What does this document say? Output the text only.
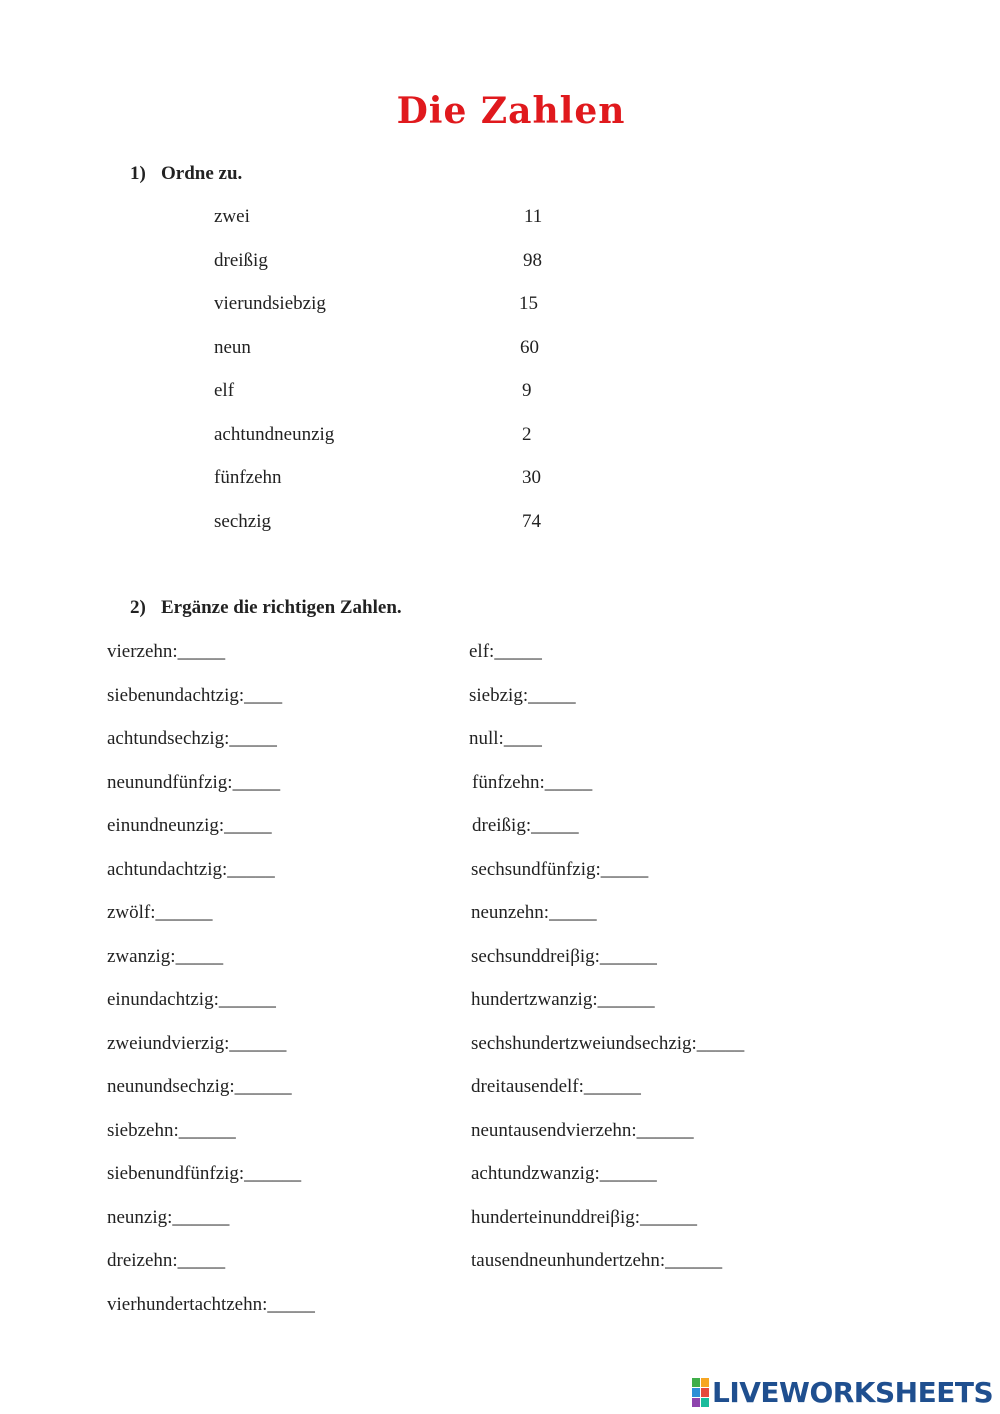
Die Zahlen
1) Ordne zu.
zwei
dreißig
vierundsiebzig
neun
elf
achtundneunzig
fünfzehn
sechzig
11
98
15
60
9
2
30
74
2) Ergänze die richtigen Zahlen.
vierzehn:_____
siebenundachtzig:____
achtundsechzig:_____
neunundfünfzig:_____
einundneunzig:_____
achtundachtzig:_____
zwölf:______
zwanzig:_____
einundachtzig:______
zweiundvierzig:______
neunundsechzig:______
siebzehn:______
siebenundfünfzig:______
neunzig:______
dreizehn:_____
vierhundertachtzehn:_____
elf:_____
siebzig:_____
null:____
fünfzehn:_____
dreißig:_____
sechsundfünfzig:_____
neunzehn:_____
sechsunddreiβig:______
hundertzwanzig:______
sechshundertzweiundsechzig:_____
dreitausendelf:______
neuntausendvierzehn:______
achtundzwanzig:______
hunderteinunddreiβig:______
tausendneunhundertzehn:______
LIVEWORKSHEETS
